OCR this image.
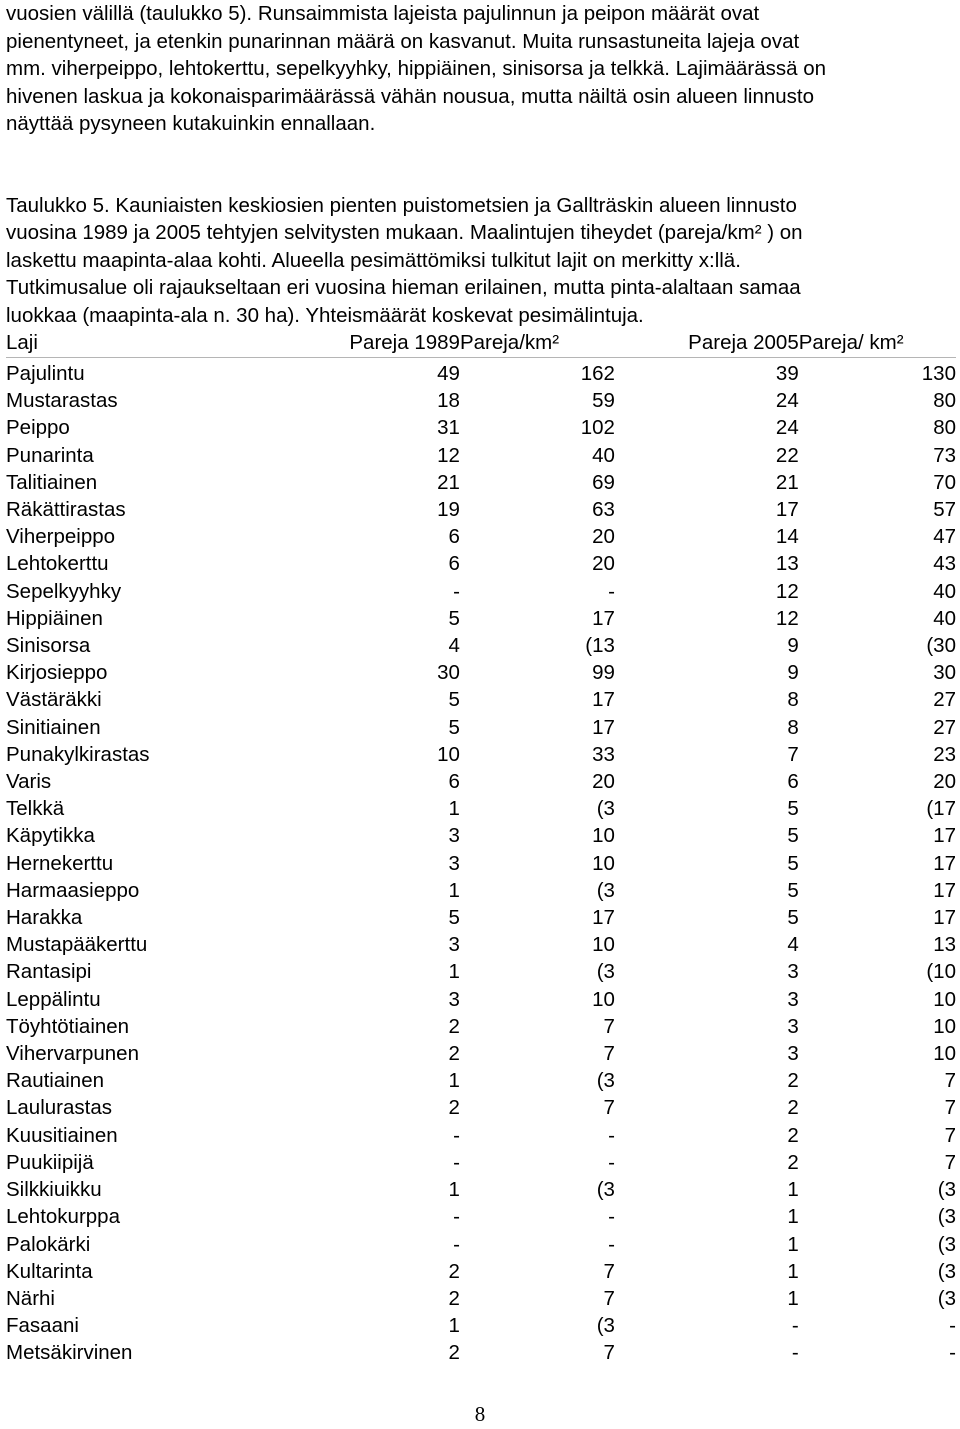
vuosien välillä (taulukko 5). Runsaimmista lajeista pajulinnun ja peipon määrät ovat
pienentyneet, ja etenkin punarinnan määrä on kasvanut. Muita runsastuneita lajeja ovat
mm. viherpeippo, lehtokerttu, sepelkyyhky, hippiäinen, sinisorsa ja telkkä. Lajimäärässä on
hivenen laskua ja kokonaisparimäärässä vähän nousua, mutta näiltä osin alueen linnusto
näyttää pysyneen kutakuinkin ennallaan.

Taulukko 5. Kauniaisten keskiosien pienten puistometsien ja Gallträskin alueen linnusto
vuosina 1989 ja 2005 tehtyjen selvitysten mukaan. Maalintujen tiheydet (pareja/km² ) on
laskettu maapinta-alaa kohti. Alueella pesimättömiksi tulkitut lajit on merkitty x:llä.
Tutkimusalue oli rajaukseltaan eri vuosina hieman erilainen, mutta pinta-alaltaan samaa
luokkaa (maapinta-ala n. 30 ha). Yhteismäärät koskevat pesimälintuja.

Laji	Pareja 1989	Pareja/km²	Pareja 2005	Pareja/ km²
Pajulintu	49	162	39	130
Mustarastas	18	59	24	80
Peippo	31	102	24	80
Punarinta	12	40	22	73
Talitiainen	21	69	21	70
Räkättirastas	19	63	17	57
Viherpeippo	6	20	14	47
Lehtokerttu	6	20	13	43
Sepelkyyhky	-	-	12	40
Hippiäinen	5	17	12	40
Sinisorsa	4	(13	9	(30
Kirjosieppo	30	99	9	30
Västäräkki	5	17	8	27
Sinitiainen	5	17	8	27
Punakylkirastas	10	33	7	23
Varis	6	20	6	20
Telkkä	1	(3	5	(17
Käpytikka	3	10	5	17
Hernekerttu	3	10	5	17
Harmaasieppo	1	(3	5	17
Harakka	5	17	5	17
Mustapääkerttu	3	10	4	13
Rantasipi	1	(3	3	(10
Leppälintu	3	10	3	10
Töyhtötiainen	2	7	3	10
Vihervarpunen	2	7	3	10
Rautiainen	1	(3	2	7
Laulurastas	2	7	2	7
Kuusitiainen	-	-	2	7
Puukiipijä	-	-	2	7
Silkkiuikku	1	(3	1	(3
Lehtokurppa	-	-	1	(3
Palokärki	-	-	1	(3
Kultarinta	2	7	1	(3
Närhi	2	7	1	(3
Fasaani	1	(3	-	-
Metsäkirvinen	2	7	-	-
8
